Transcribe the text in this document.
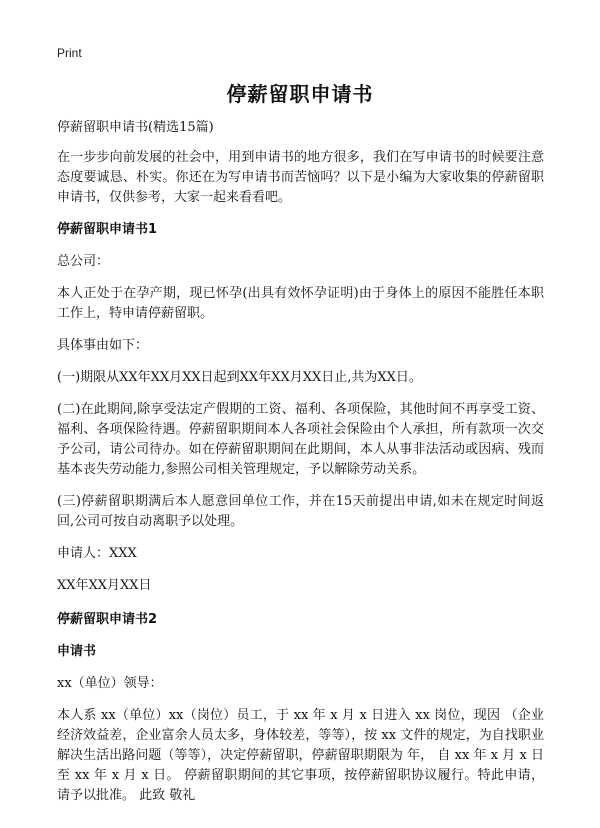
Print
停薪留职申请书

停薪留职申请书(精选15篇)

在一步步向前发展的社会中，用到申请书的地方很多，我们在写申请书的时候要注意态度要诚恳、朴实。你还在为写申请书而苦恼吗？以下是小编为大家收集的停薪留职申请书，仅供参考，大家一起来看看吧。

停薪留职申请书1

总公司：

本人正处于在孕产期，现已怀孕(出具有效怀孕证明)由于身体上的原因不能胜任本职工作上，特申请停薪留职。

具体事由如下：

(一)期限从XX年XX月XX日起到XX年XX月XX日止,共为XX日。

(二)在此期间,除享受法定产假期的工资、福利、各项保险，其他时间不再享受工资、福利、各项保险待遇。停薪留职期间本人各项社会保险由个人承担，所有款项一次交予公司，请公司待办。如在停薪留职期间在此期间，本人从事非法活动或因病、残而基本丧失劳动能力,参照公司相关管理规定，予以解除劳动关系。

(三)停薪留职期满后本人愿意回单位工作，并在15天前提出申请,如未在规定时间返回,公司可按自动离职予以处理。

申请人：XXX

XX年XX月XX日

停薪留职申请书2
申请书

xx（单位）领导：

本人系 xx（单位）xx（岗位）员工，于 xx 年 x 月 x 日进入 xx 岗位，现因 （企业经济效益差，企业富余人员太多，身体较差，等等），按 xx 文件的规定，为自找职业解决生活出路问题（等等），决定停薪留职，停薪留职期限为 年， 自 xx 年 x 月 x 日至 xx 年 x 月 x 日。 停薪留职期间的其它事项，按停薪留职协议履行。特此申请，请予以批准。 此致 敬礼
